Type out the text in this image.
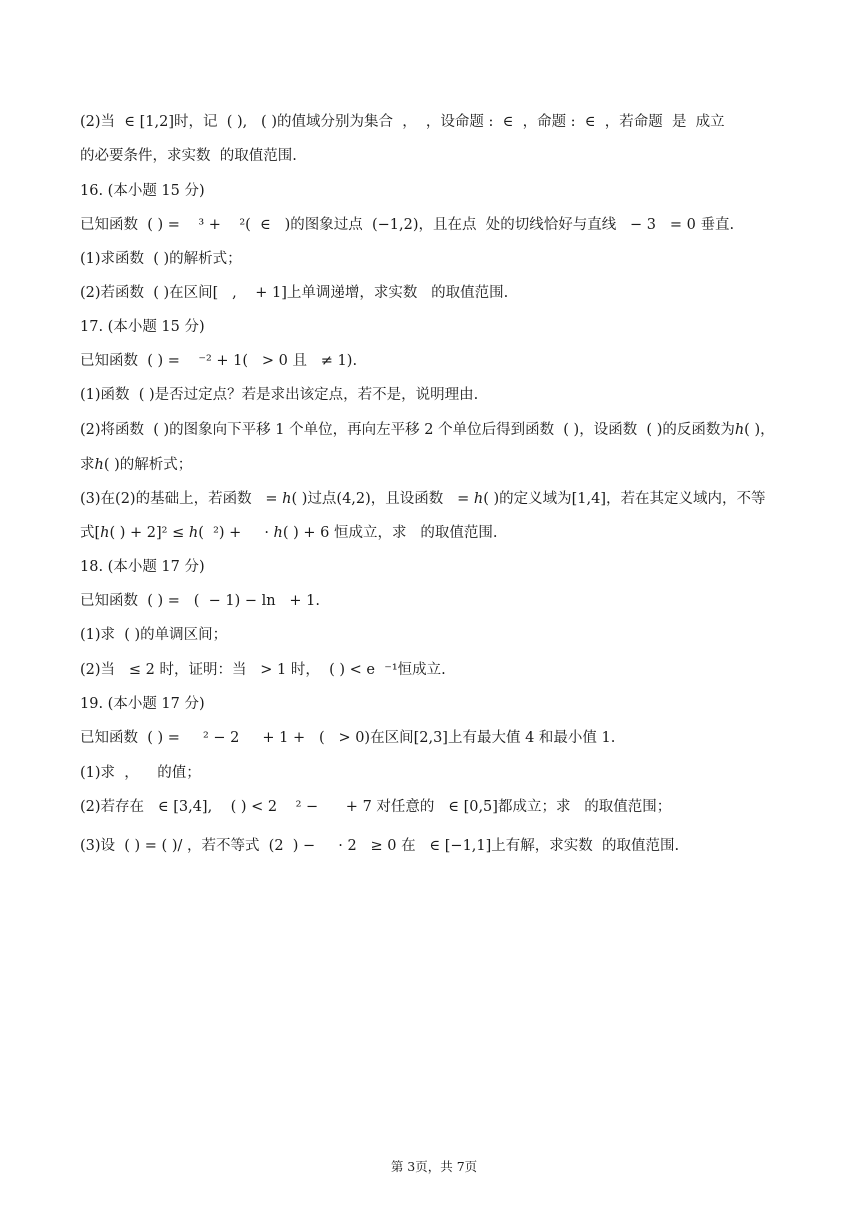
(2)当  ∈ [1,2]时，记  ( ),   ( )的值域分别为集合  ，  ，设命题 :  ∈  ，命题 :  ∈  ，若命题  是  成立
的必要条件，求实数  的取值范围.
16. (本小题 15 分)
已知函数  ( ) =    ³ +    ²(  ∈   )的图象过点  (−1,2)，且在点  处的切线恰好与直线   − 3   = 0 垂直.
(1)求函数  ( )的解析式；
(2)若函数  ( )在区间[   ,    + 1]上单调递增，求实数   的取值范围.
17. (本小题 15 分)
已知函数  ( ) =    ⁻² + 1(   > 0 且   ≠ 1).
(1)函数  ( )是否过定点？若是求出该定点，若不是，说明理由.
(2)将函数  ( )的图象向下平移 1 个单位，再向左平移 2 个单位后得到函数  ( )，设函数  ( )的反函数为ℎ( )，
求ℎ( )的解析式；
(3)在(2)的基础上，若函数   = ℎ( )过点(4,2)，且设函数   = ℎ( )的定义域为[1,4]，若在其定义域内，不等
式[ℎ( ) + 2]² ≤ ℎ(  ²) +     · ℎ( ) + 6 恒成立，求   的取值范围.
18. (本小题 17 分)
已知函数  ( ) =   (  − 1) − ln   + 1.
(1)求  ( )的单调区间；
(2)当   ≤ 2 时，证明：当   > 1 时，  ( ) < e  ⁻¹恒成立.
19. (本小题 17 分)
已知函数  ( ) =     ² − 2     + 1 +   (   > 0)在区间[2,3]上有最大值 4 和最小值 1.
(1)求  ，    的值；
(2)若存在   ∈ [3,4],    ( ) < 2    ² −      + 7 对任意的   ∈ [0,5]都成立；求   的取值范围；
(3)设  ( ) = ( )/ ，若不等式  (2  ) −     · 2   ≥ 0 在   ∈ [−1,1]上有解，求实数  的取值范围.
第 3页，共 7页
